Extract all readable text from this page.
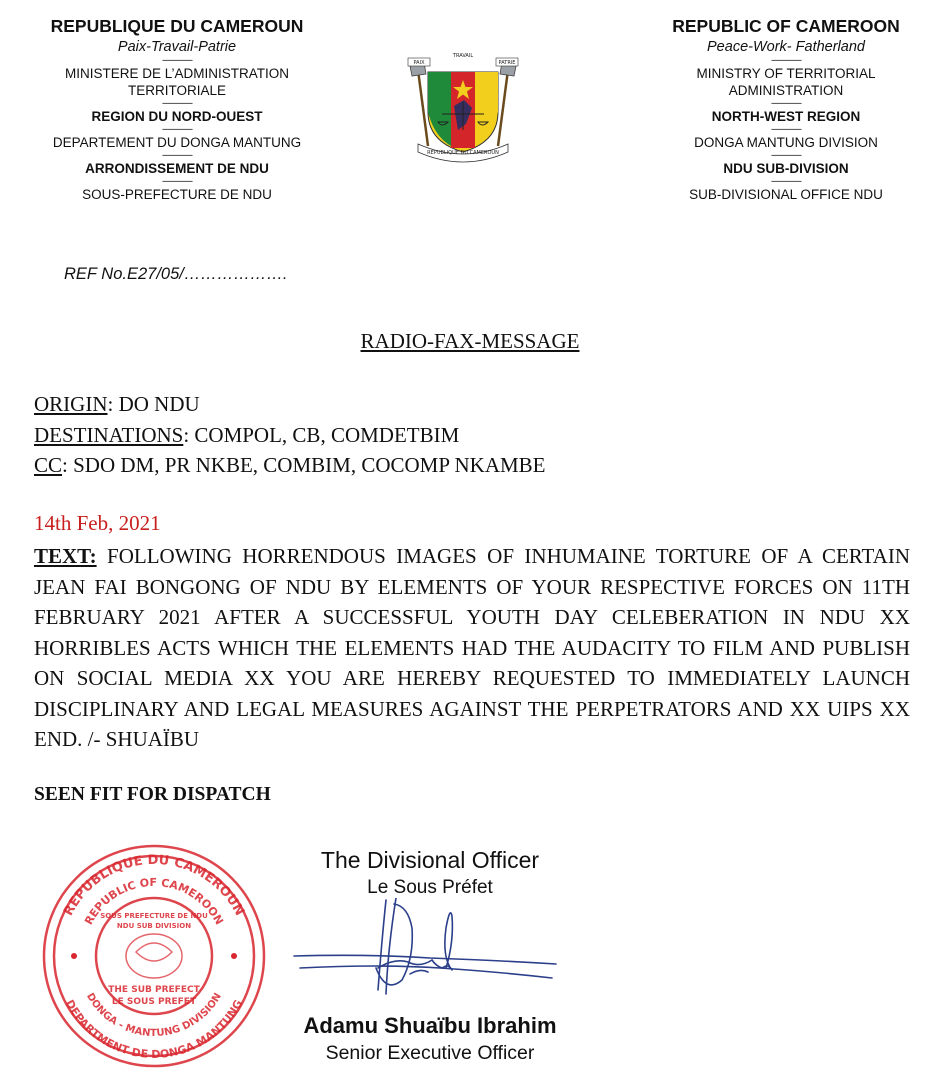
REPUBLIQUE DU CAMEROUN
Paix-Travail-Patrie
---------------
MINISTERE DE L’ADMINISTRATION
TERRITORIALE
---------------
REGION DU NORD-OUEST
---------------
DEPARTEMENT DU DONGA MANTUNG
---------------
ARRONDISSEMENT DE NDU
---------------
SOUS-PREFECTURE DE NDU
REPUBLIC OF CAMEROON
Peace-Work- Fatherland
---------------
MINISTRY OF TERRITORIAL
ADMINISTRATION
---------------
NORTH-WEST REGION
---------------
DONGA MANTUNG DIVISION
---------------
NDU SUB-DIVISION
---------------
SUB-DIVISIONAL OFFICE NDU
PAIX	PATRIE
TRAVAIL
REPUBLIQUE DU CAMEROUN
REF No.E27/05/……………….
RADIO-FAX-MESSAGE
ORIGIN: DO NDU
DESTINATIONS: COMPOL, CB, COMDETBIM
CC: SDO DM, PR NKBE, COMBIM, COCOMP NKAMBE
14th Feb, 2021
TEXT: FOLLOWING HORRENDOUS IMAGES OF INHUMAINE TORTURE OF A CERTAIN JEAN FAI BONGONG OF NDU BY ELEMENTS OF YOUR RESPECTIVE FORCES ON 11TH FEBRUARY 2021 AFTER A SUCCESSFUL YOUTH DAY CELEBERATION IN NDU XX HORRIBLES ACTS WHICH THE ELEMENTS HAD THE AUDACITY TO FILM AND PUBLISH ON SOCIAL MEDIA XX YOU ARE HEREBY REQUESTED TO IMMEDIATELY LAUNCH DISCIPLINARY AND LEGAL MEASURES AGAINST THE PERPETRATORS AND XX UIPS XX END. /- SHUAÏBU
SEEN FIT FOR DISPATCH
REPUBLIQUE DU CAMEROUN
REPUBLIC OF CAMEROON
DEPARTMENT DE DONGA MANTUNG
DONGA - MANTUNG DIVISION
SOUS PREFECTURE DE NDU
NDU SUB DIVISION
THE SUB PREFECT
LE SOUS PREFET
The Divisional Officer
Le Sous Préfet
Adamu Shuaïbu Ibrahim
Senior Executive Officer
